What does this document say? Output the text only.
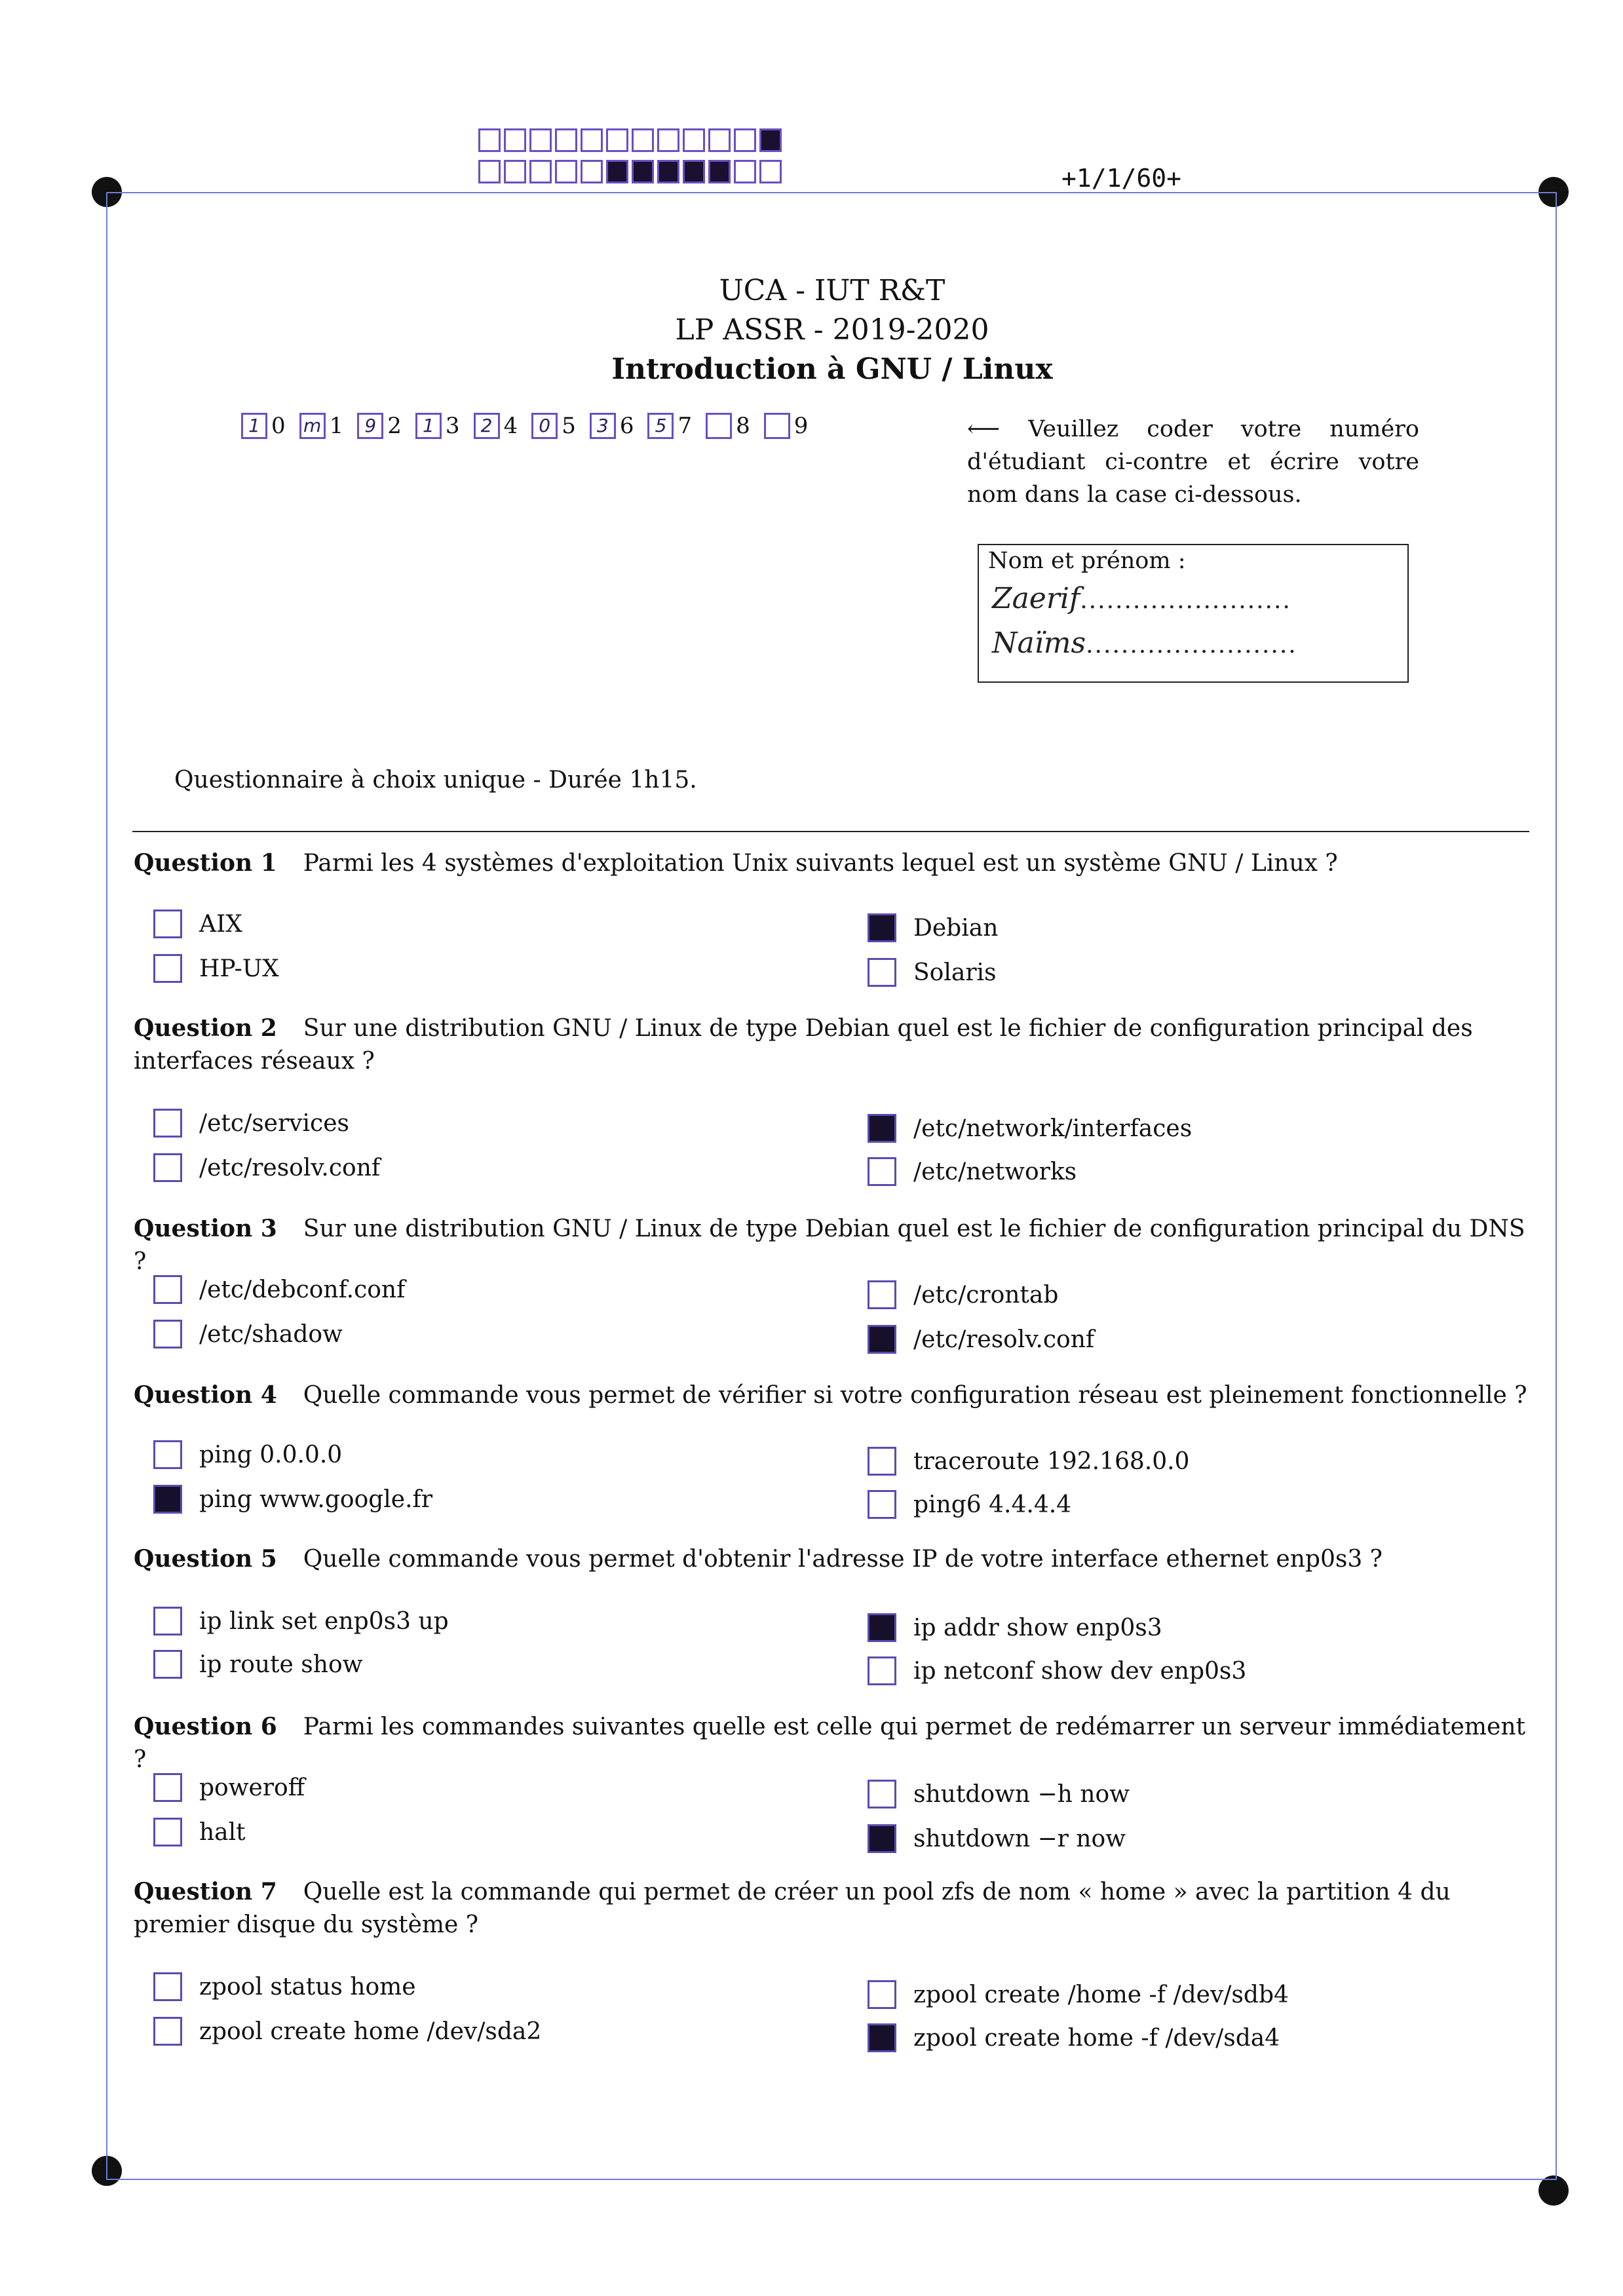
+1/1/60+
UCA - IUT R&T
LP ASSR - 2019-2020
Introduction à GNU / Linux
1 0 m 1	9 2	1 3	2 4	0 5	3 6	5 7 8 9	⟵ Veuillez coder votre numéro d'étudiant ci-contre et écrire votre nom dans la case ci-dessous.
Nom et prénom :
Zaerif........................
Naïms........................
Questionnaire à choix unique - Durée 1h15.
Question 1 Parmi les 4 systèmes d'exploitation Unix suivants lequel est un système GNU / Linux ?
AIX
HP-UX
Debian
Solaris
Question 2 Sur une distribution GNU / Linux de type Debian quel est le fichier de configuration principal des interfaces réseaux ?
/etc/services
/etc/resolv.conf
/etc/network/interfaces
/etc/networks
Question 3 Sur une distribution GNU / Linux de type Debian quel est le fichier de configuration principal du DNS ?
/etc/debconf.conf
/etc/shadow
/etc/crontab
/etc/resolv.conf
Question 4 Quelle commande vous permet de vérifier si votre configuration réseau est pleinement fonctionnelle ?
ping 0.0.0.0
ping www.google.fr
traceroute 192.168.0.0
ping6 4.4.4.4
Question 5 Quelle commande vous permet d'obtenir l'adresse IP de votre interface ethernet enp0s3 ?
ip link set enp0s3 up
ip route show
ip addr show enp0s3
ip netconf show dev enp0s3
Question 6 Parmi les commandes suivantes quelle est celle qui permet de redémarrer un serveur immédiatement ?
poweroff
halt
shutdown −h now
shutdown −r now
Question 7 Quelle est la commande qui permet de créer un pool zfs de nom « home » avec la partition 4 du premier disque du système ?
zpool status home
zpool create home /dev/sda2
zpool create /home -f /dev/sdb4
zpool create home -f /dev/sda4
